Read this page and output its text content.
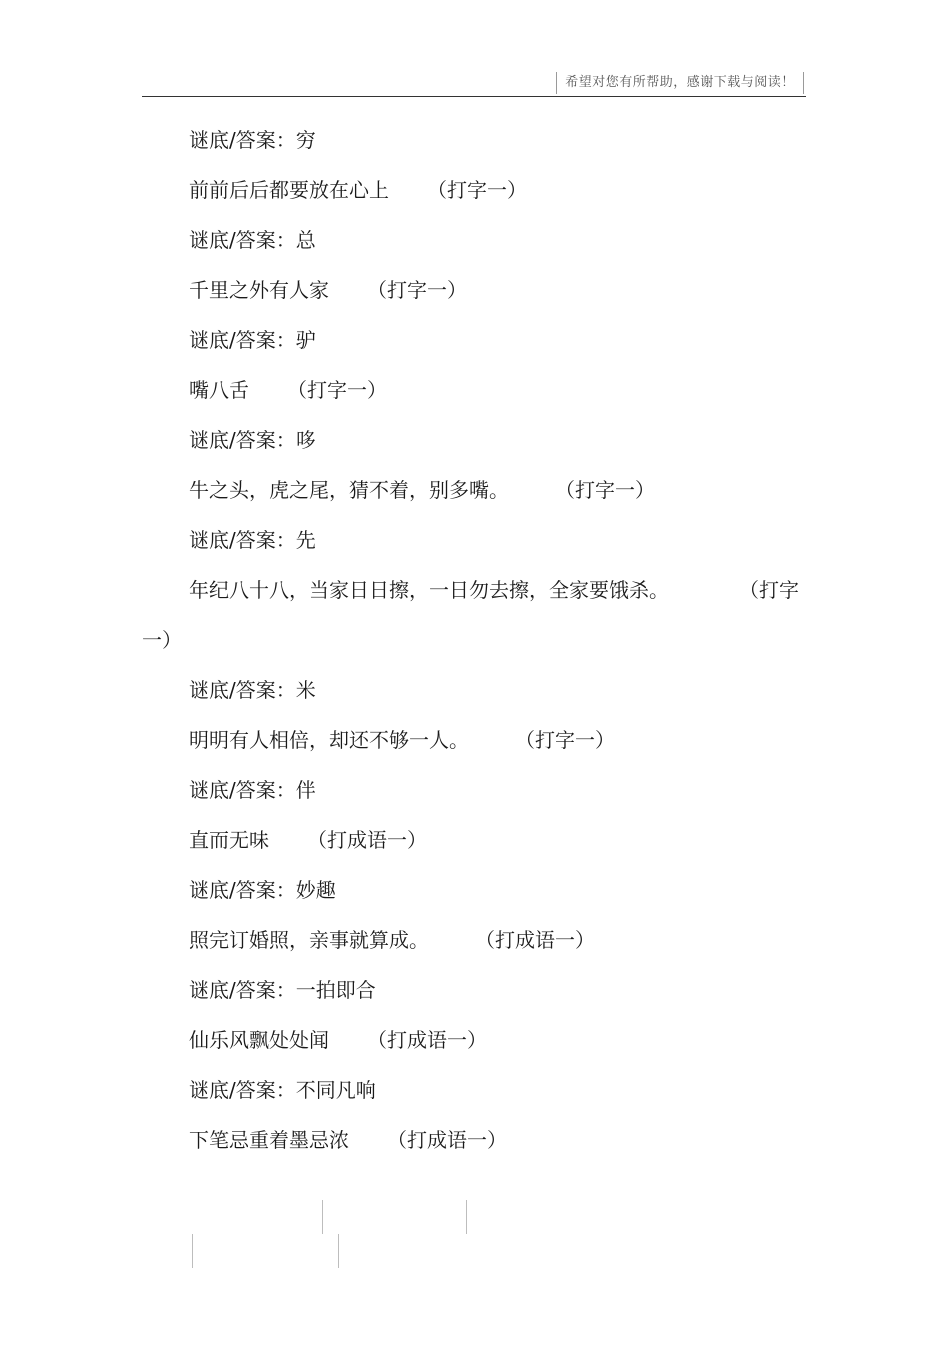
希望对您有所帮助，感谢下载与阅读！
谜底/答案：穷
前前后后都要放在心上 （打字一）
谜底/答案：总
千里之外有人家 （打字一）
谜底/答案：驴
嘴八舌 （打字一）
谜底/答案：哆
牛之头，虎之尾，猜不着，别多嘴。	（打字一）
谜底/答案：先
年纪八十八，当家日日擦，一日勿去擦，全家要饿杀。	（打字一）
谜底/答案：米
明明有人相倍，却还不够一人。	（打字一）
谜底/答案：伴
直而无味 （打成语一）
谜底/答案：妙趣
照完订婚照，亲事就算成。	（打成语一）
谜底/答案：一拍即合
仙乐风飘处处闻 （打成语一）
谜底/答案：不同凡响
下笔忌重着墨忌浓 （打成语一）
